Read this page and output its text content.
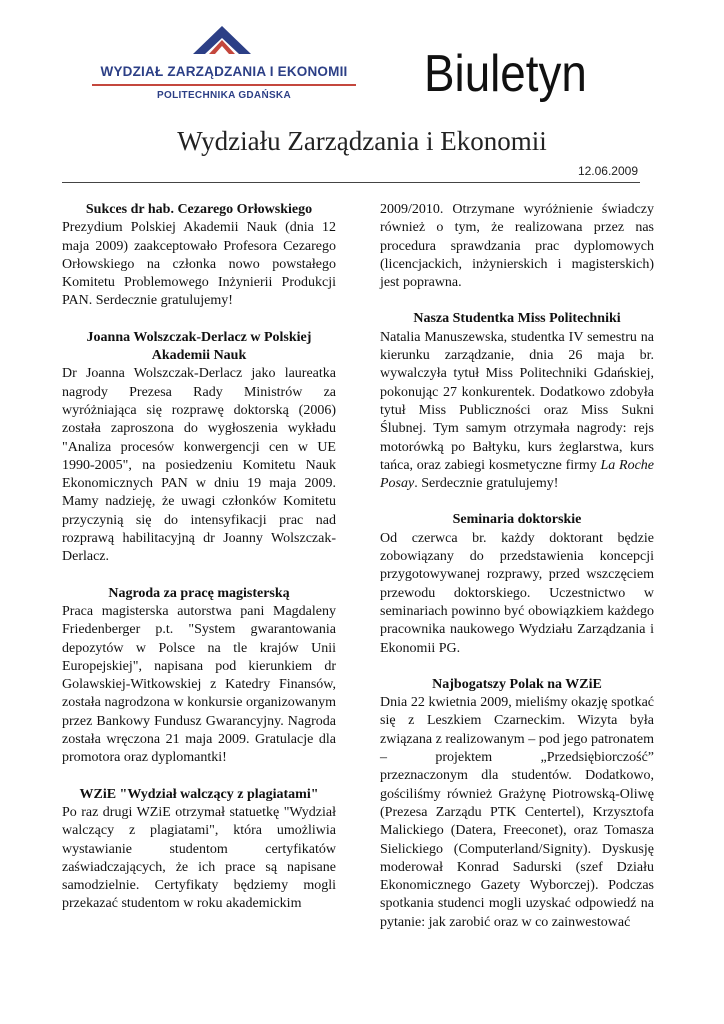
WYDZIAŁ ZARZĄDZANIA I EKONOMII
POLITECHNIKA GDAŃSKA	Biuletyn
Wydziału Zarządzania i Ekonomii
12.06.2009
Sukces dr hab. Cezarego Orłowskiego

Prezydium Polskiej Akademii Nauk (dnia 12 maja 2009) zaakceptowało Profesora Cezarego Orłowskiego na członka nowo powstałego Komitetu Problemowego Inżynierii Produkcji PAN. Serdecznie gratulujemy!

Joanna Wolszczak-Derlacz w Polskiej Akademii Nauk

Dr Joanna Wolszczak-Derlacz jako laureatka nagrody Prezesa Rady Ministrów za wyróżniająca się rozprawę doktorską (2006) została zaproszona do wygłoszenia wykładu "Analiza procesów konwergencji cen w UE 1990-2005", na posiedzeniu Komitetu Nauk Ekonomicznych PAN w dniu 19 maja 2009. Mamy nadzieję, że uwagi członków Komitetu przyczynią się do intensyfikacji prac nad rozprawą habilitacyjną dr Joanny Wolszczak-Derlacz.

Nagroda za pracę magisterską

Praca magisterska autorstwa pani Magdaleny Friedenberger p.t. "System gwarantowania depozytów w Polsce na tle krajów Unii Europejskiej", napisana pod kierunkiem dr Golawskiej-Witkowskiej z Katedry Finansów, została nagrodzona w konkursie organizowanym przez Bankowy Fundusz Gwarancyjny. Nagroda została wręczona 21 maja 2009. Gratulacje dla promotora oraz dyplomantki!

WZiE "Wydział walczący z plagiatami"

Po raz drugi WZiE otrzymał statuetkę "Wydział walczący z plagiatami", która umożliwia wystawianie studentom certyfikatów zaświadczających, że ich prace są napisane samodzielnie. Certyfikaty będziemy mogli przekazać studentom w roku akademickim

2009/2010. Otrzymane wyróżnienie świadczy również o tym, że realizowana przez nas procedura sprawdzania prac dyplomowych (licencjackich, inżynierskich i magisterskich) jest poprawna.

Nasza Studentka Miss Politechniki

Natalia Manuszewska, studentka IV semestru na kierunku zarządzanie, dnia 26 maja br. wywalczyła tytuł Miss Politechniki Gdańskiej, pokonując 27 konkurentek. Dodatkowo zdobyła tytuł Miss Publiczności oraz Miss Sukni Ślubnej. Tym samym otrzymała nagrody: rejs motorówką po Bałtyku, kurs żeglarstwa, kurs tańca, oraz zabiegi kosmetyczne firmy La Roche Posay. Serdecznie gratulujemy!

Seminaria doktorskie

Od czerwca br. każdy doktorant będzie zobowiązany do przedstawienia koncepcji przygotowywanej rozprawy, przed wszczęciem przewodu doktorskiego. Uczestnictwo w seminariach powinno być obowiązkiem każdego pracownika naukowego Wydziału Zarządzania i Ekonomii PG.

Najbogatszy Polak na WZiE

Dnia 22 kwietnia 2009, mieliśmy okazję spotkać się z Leszkiem Czarneckim. Wizyta była związana z realizowanym – pod jego patronatem – projektem „Przedsiębiorczość” przeznaczonym dla studentów. Dodatkowo, gościliśmy również Grażynę Piotrowską-Oliwę (Prezesa Zarządu PTK Centertel), Krzysztofa Malickiego (Datera, Freeconet), oraz Tomasza Sielickiego (Computerland/Signity). Dyskusję moderował Konrad Sadurski (szef Działu Ekonomicznego Gazety Wyborczej). Podczas spotkania studenci mogli uzyskać odpowiedź na pytanie: jak zarobić oraz w co zainwestować
